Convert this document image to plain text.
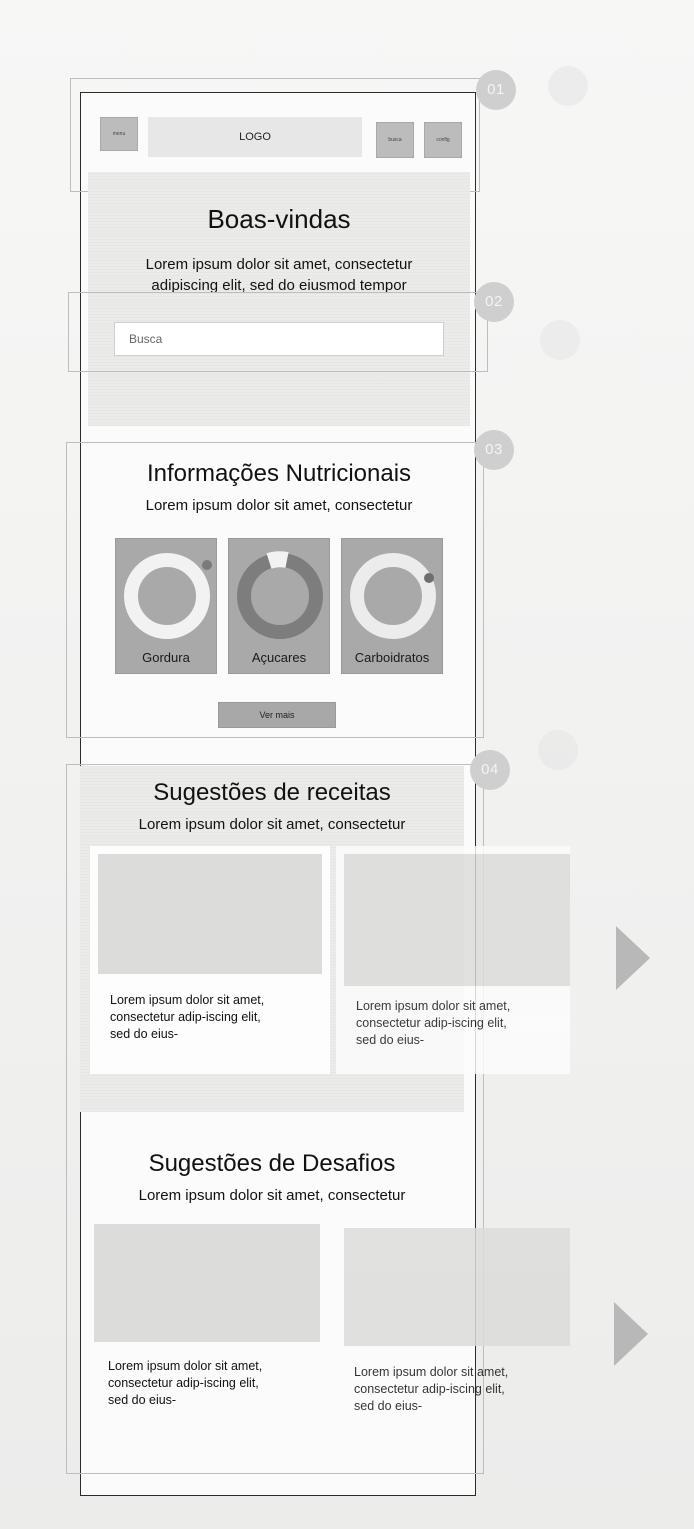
menu	LOGO	busca	config
01
Boas-vindas
Lorem ipsum dolor sit amet, consectetur adipiscing elit, sed do eiusmod tempor
Busca
02
03
Informações Nutricionais
Lorem ipsum dolor sit amet, consectetur
Gordura	Açucares	Carboidratos
Ver mais
04
Sugestões de receitas
Lorem ipsum dolor sit amet, consectetur
Lorem ipsum dolor sit amet, consectetur adip-iscing elit, sed do eius-
Lorem ipsum dolor sit amet, consectetur adip-iscing elit, sed do eius-
Sugestões de Desafios
Lorem ipsum dolor sit amet, consectetur
Lorem ipsum dolor sit amet, consectetur adip-iscing elit, sed do eius-
Lorem ipsum dolor sit amet, consectetur adip-iscing elit, sed do eius-
